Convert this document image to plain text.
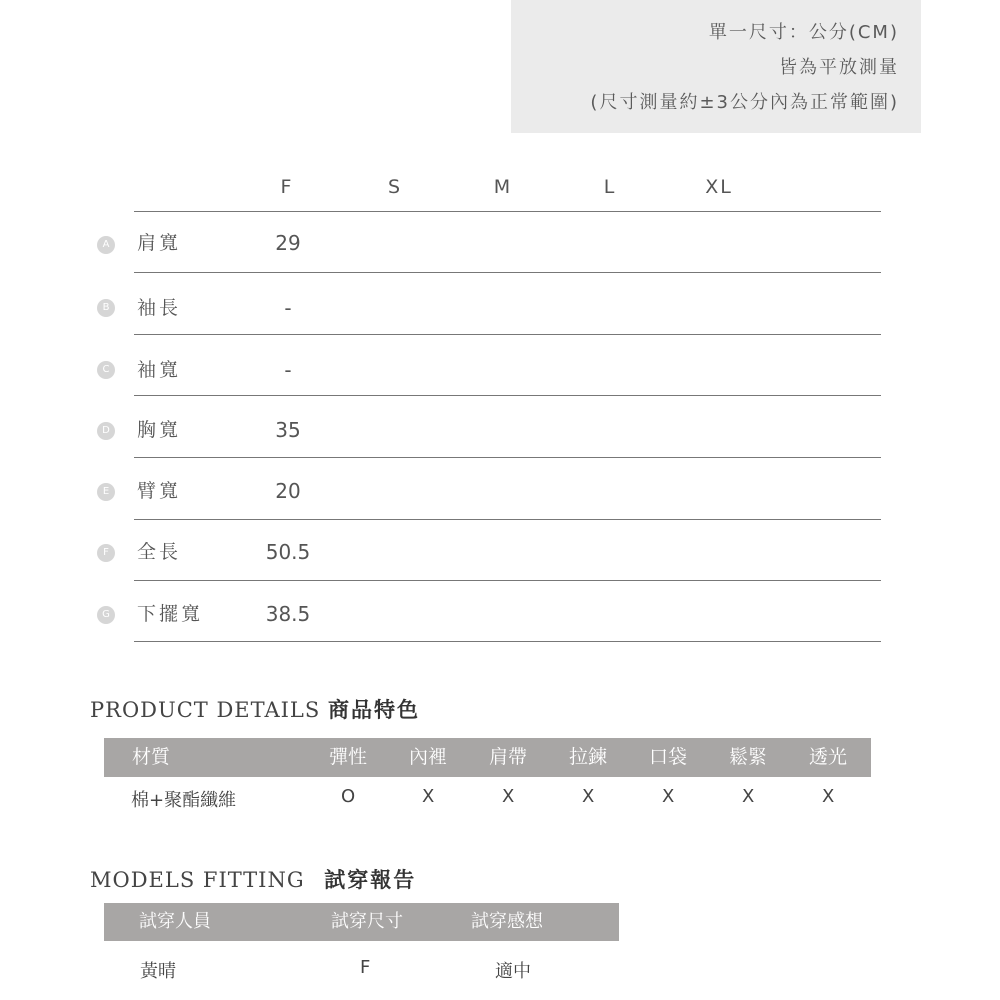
單一尺寸：公分(CM)
皆為平放測量
(尺寸測量約±3公分內為正常範圍)
F	S	M	L	XL
A 肩寬	29
B 袖長	-
C 袖寬	-
D 胸寬	35
E	臂寬	20
F	全長	50.5
G 下擺寬	38.5
PRODUCT DETAILS 商品特色
材質	彈性 內裡 肩帶 拉鍊 口袋 鬆緊 透光
棉+聚酯纖維	O	X	X	X	X	X	X
MODELS FITTING 試穿報告
試穿人員	試穿尺寸	試穿感想
黃晴	F	適中
